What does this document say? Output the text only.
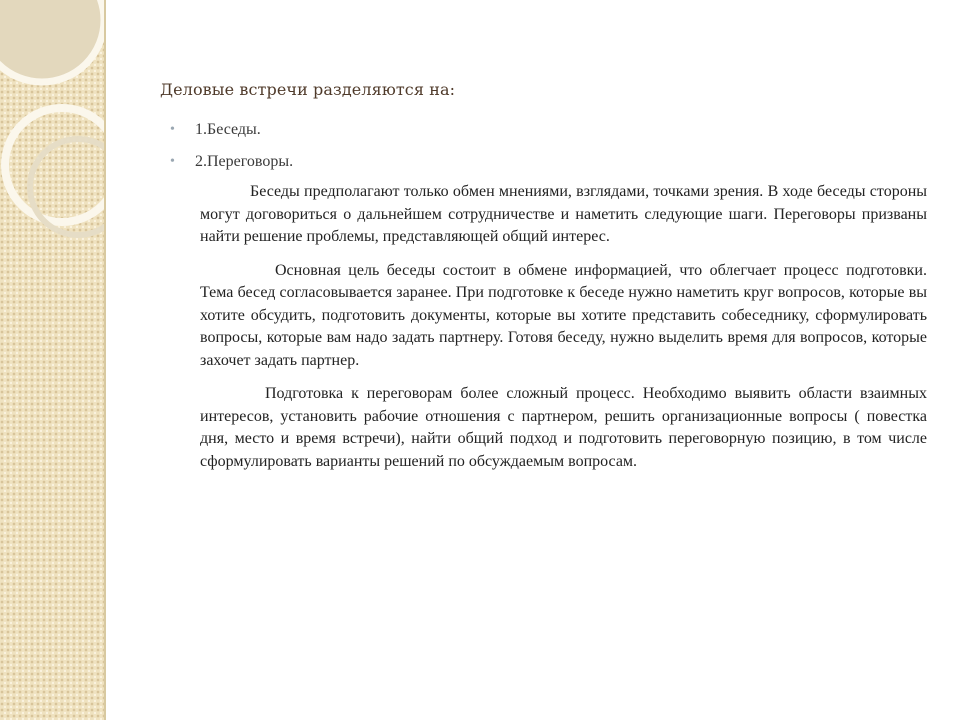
Деловые встречи разделяются на:
• 1.Беседы.
• 2.Переговоры.

Беседы предполагают только обмен мнениями, взглядами, точками зрения. В ходе беседы стороны могут договориться о дальнейшем сотрудничестве и наметить следующие шаги. Переговоры призваны найти решение проблемы, представляющей общий интерес.

Основная цель беседы состоит в обмене информацией, что облегчает процесс подготовки. Тема бесед согласовывается заранее. При подготовке к беседе нужно наметить круг вопросов, которые вы хотите обсудить, подготовить документы, которые вы хотите представить собеседнику, сформулировать вопросы, которые вам надо задать партнеру. Готовя беседу, нужно выделить время для вопросов, которые захочет задать партнер.

Подготовка к переговорам более сложный процесс. Необходимо выявить области взаимных интересов, установить рабочие отношения с партнером, решить организационные вопросы ( повестка дня, место и время встречи), найти общий подход и подготовить переговорную позицию, в том числе сформулировать варианты решений по обсуждаемым вопросам.
